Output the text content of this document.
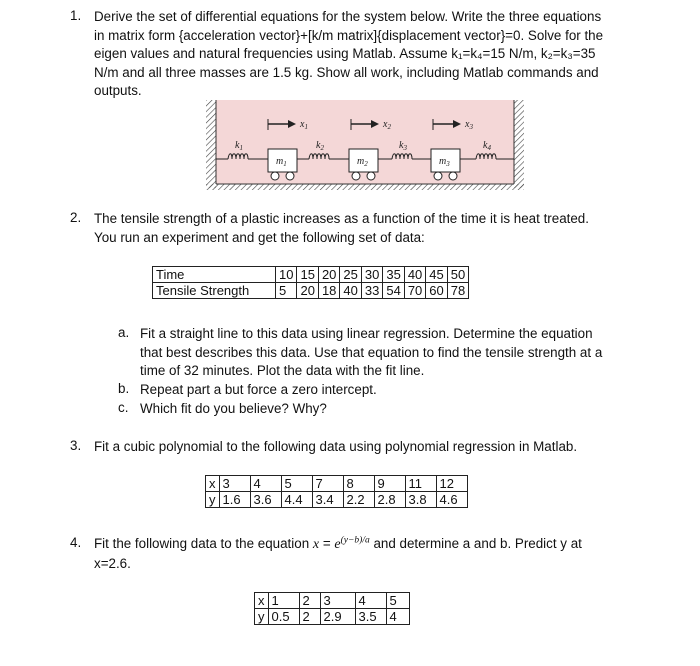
1. Derive the set of differential equations for the system below. Write the three equations
in matrix form {acceleration vector}+[k/m matrix]{displacement vector}=0. Solve for the
eigen values and natural frequencies using Matlab. Assume k₁=k₄=15 N/m, k₂=k₃=35
N/m and all three masses are 1.5 kg. Show all work, including Matlab commands and
outputs.
$x_1$	$x_2$	$x_3$
$k_1$	$k_2$	$k_3$	$k_4$
$m_1$	$m_2$	$m_3$
2. The tensile strength of a plastic increases as a function of the time it is heat treated.
You run an experiment and get the following set of data:
Time	10	15	20	25	30	35	40	45	50
Tensile Strength	5	20	18	40	33	54	70	60	78
a. Fit a straight line to this data using linear regression. Determine the equation
that best describes this data. Use that equation to find the tensile strength at a
time of 32 minutes. Plot the data with the fit line.
b. Repeat part a but force a zero intercept.
c. Which fit do you believe? Why?
3. Fit a cubic polynomial to the following data using polynomial regression in Matlab.
x	3	4	5	7	8	9	11	12
y	1.6	3.6	4.4	3.4	2.2	2.8	3.8	4.6
4. Fit the following data to the equation $x = e^{(y-b)/a}$ and determine a and b. Predict y at
x=2.6.
x	1	2	3	4	5
y	0.5	2	2.9	3.5	4
